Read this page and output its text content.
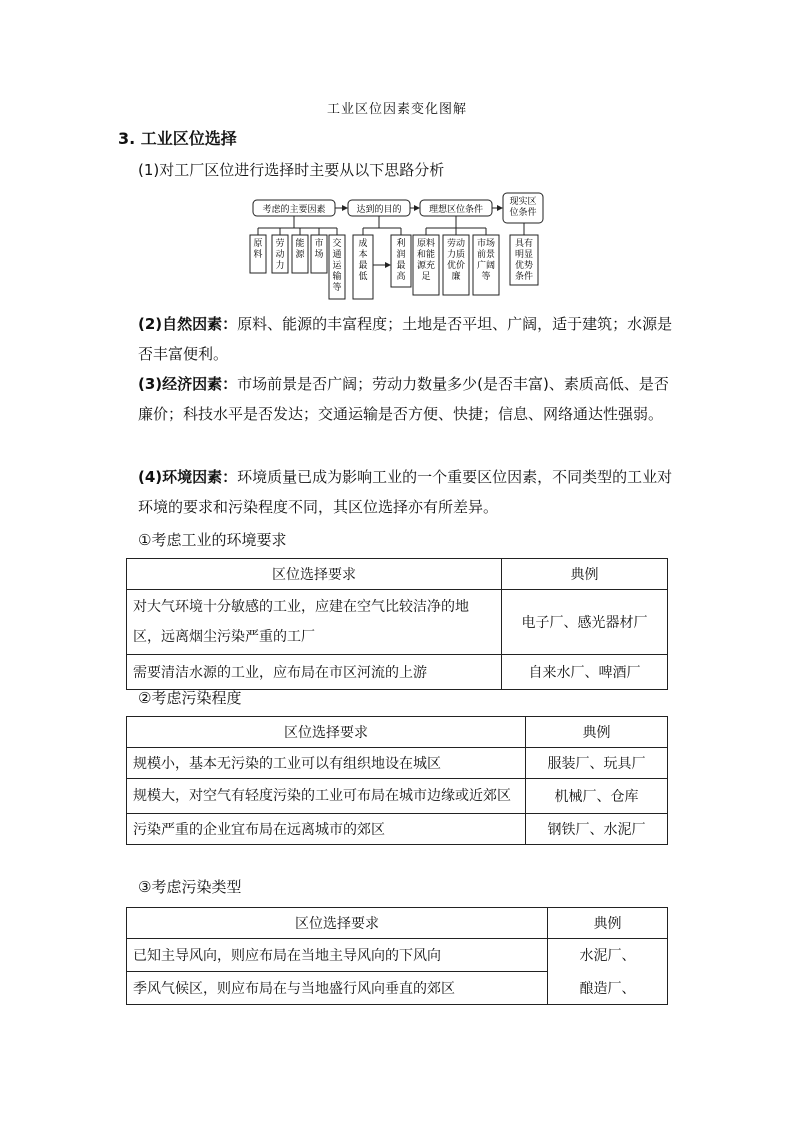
工业区位因素变化图解
3. 工业区位选择
(1)对工厂区位进行选择时主要从以下思路分析
考虑的主要因素	达到的目的	理想区位条件
现实区位条件
原料
劳动力
能源
市场
交通运输等
成本最低
利润最高
原料和能源充足
劳动力质优价廉
市场前景广阔等
具有明显优势条件
(2)自然因素：原料、能源的丰富程度；土地是否平坦、广阔，适于建筑；水源是否丰富便利。
(3)经济因素：市场前景是否广阔；劳动力数量多少(是否丰富)、素质高低、是否廉价；科技水平是否发达；交通运输是否方便、快捷；信息、网络通达性强弱。
(4)环境因素：环境质量已成为影响工业的一个重要区位因素，不同类型的工业对环境的要求和污染程度不同，其区位选择亦有所差异。
①考虑工业的环境要求
区位选择要求	典例
对大气环境十分敏感的工业，应建在空气比较洁净的地区，远离烟尘污染严重的工厂	电子厂、感光器材厂
需要清洁水源的工业，应布局在市区河流的上游	自来水厂、啤酒厂
②考虑污染程度
区位选择要求	典例
规模小，基本无污染的工业可以有组织地设在城区	服装厂、玩具厂
规模大，对空气有轻度污染的工业可布局在城市边缘或近郊区	机械厂、仓库
污染严重的企业宜布局在远离城市的郊区	钢铁厂、水泥厂
③考虑污染类型
区位选择要求	典例
已知主导风向，则应布局在当地主导风向的下风向	水泥厂、
季风气候区，则应布局在与当地盛行风向垂直的郊区	酿造厂、
